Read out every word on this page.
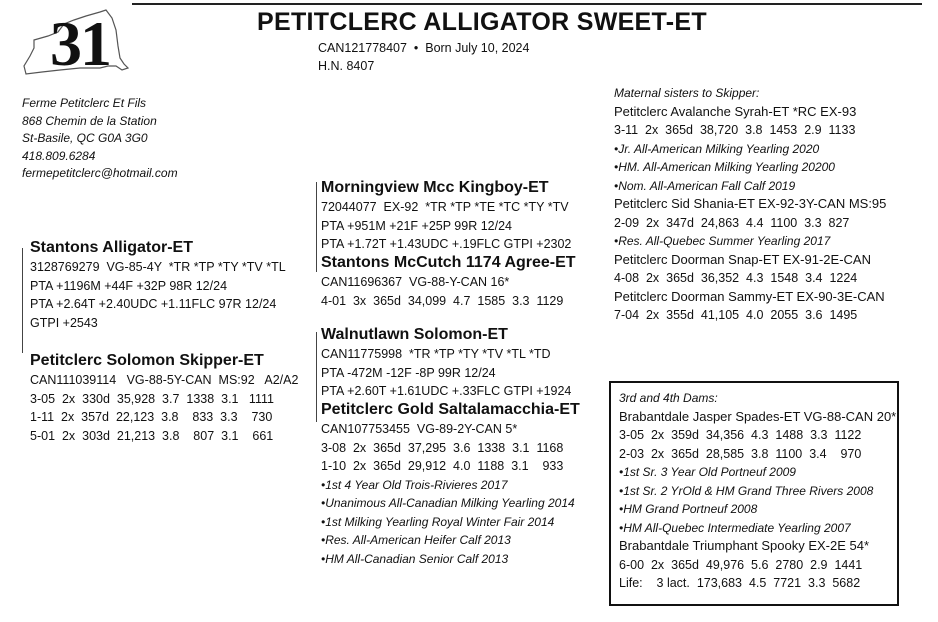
31	PETITCLERC ALLIGATOR SWEET-ET
CAN121778407  •  Born July 10, 2024
H.N. 8407
Ferme Petitclerc Et Fils
868 Chemin de la Station
St-Basile, QC G0A 3G0
418.809.6284
fermepetitclerc@hotmail.com
Stantons Alligator-ET
3128769279  VG-85-4Y  *TR *TP *TY *TV *TL
PTA +1196M +44F +32P 98R 12/24
PTA +2.64T +2.40UDC +1.11FLC 97R 12/24
GTPI +2543
Petitclerc Solomon Skipper-ET
CAN111039114   VG-88-5Y-CAN  MS:92   A2/A2
3-05  2x  330d  35,928  3.7  1338  3.1   1111
1-11  2x  357d  22,123  3.8    833  3.3    730
5-01  2x  303d  21,213  3.8    807  3.1    661
Morningview Mcc Kingboy-ET
72044077  EX-92  *TR *TP *TE *TC *TY *TV
PTA +951M +21F +25P 99R 12/24
PTA +1.72T +1.43UDC +.19FLC GTPI +2302
Stantons McCutch 1174 Agree-ET
CAN11696367  VG-88-Y-CAN 16*
4-01  3x  365d  34,099  4.7  1585  3.3  1129
Walnutlawn Solomon-ET
CAN11775998  *TR *TP *TY *TV *TL *TD
PTA -472M -12F -8P 99R 12/24
PTA +2.60T +1.61UDC +.33FLC GTPI +1924
Petitclerc Gold Saltalamacchia-ET
CAN107753455  VG-89-2Y-CAN 5*
3-08  2x  365d  37,295  3.6  1338  3.1  1168
1-10  2x  365d  29,912  4.0  1188  3.1    933
•1st 4 Year Old Trois-Rivieres 2017
•Unanimous All-Canadian Milking Yearling 2014
•1st Milking Yearling Royal Winter Fair 2014
•Res. All-American Heifer Calf 2013
•HM All-Canadian Senior Calf 2013
Maternal sisters to Skipper:
Petitclerc Avalanche Syrah-ET *RC EX-93
3-11  2x  365d  38,720  3.8  1453  2.9  1133
•Jr. All-American Milking Yearling 2020
•HM. All-American Milking Yearling 20200
•Nom. All-American Fall Calf 2019
Petitclerc Sid Shania-ET EX-92-3Y-CAN MS:95
2-09  2x  347d  24,863  4.4  1100  3.3  827
•Res. All-Quebec Summer Yearling 2017
Petitclerc Doorman Snap-ET EX-91-2E-CAN
4-08  2x  365d  36,352  4.3  1548  3.4  1224
Petitclerc Doorman Sammy-ET EX-90-3E-CAN
7-04  2x  355d  41,105  4.0  2055  3.6  1495
3rd and 4th Dams:
Brabantdale Jasper Spades-ET VG-88-CAN 20*
3-05  2x  359d  34,356  4.3  1488  3.3  1122
2-03  2x  365d  28,585  3.8  1100  3.4    970
•1st Sr. 3 Year Old Portneuf 2009
•1st Sr. 2 YrOld & HM Grand Three Rivers 2008
•HM Grand Portneuf 2008
•HM All-Quebec Intermediate Yearling 2007
Brabantdale Triumphant Spooky EX-2E 54*
6-00  2x  365d  49,976  5.6  2780  2.9  1441
Life:    3 lact.  173,683  4.5  7721  3.3  5682
